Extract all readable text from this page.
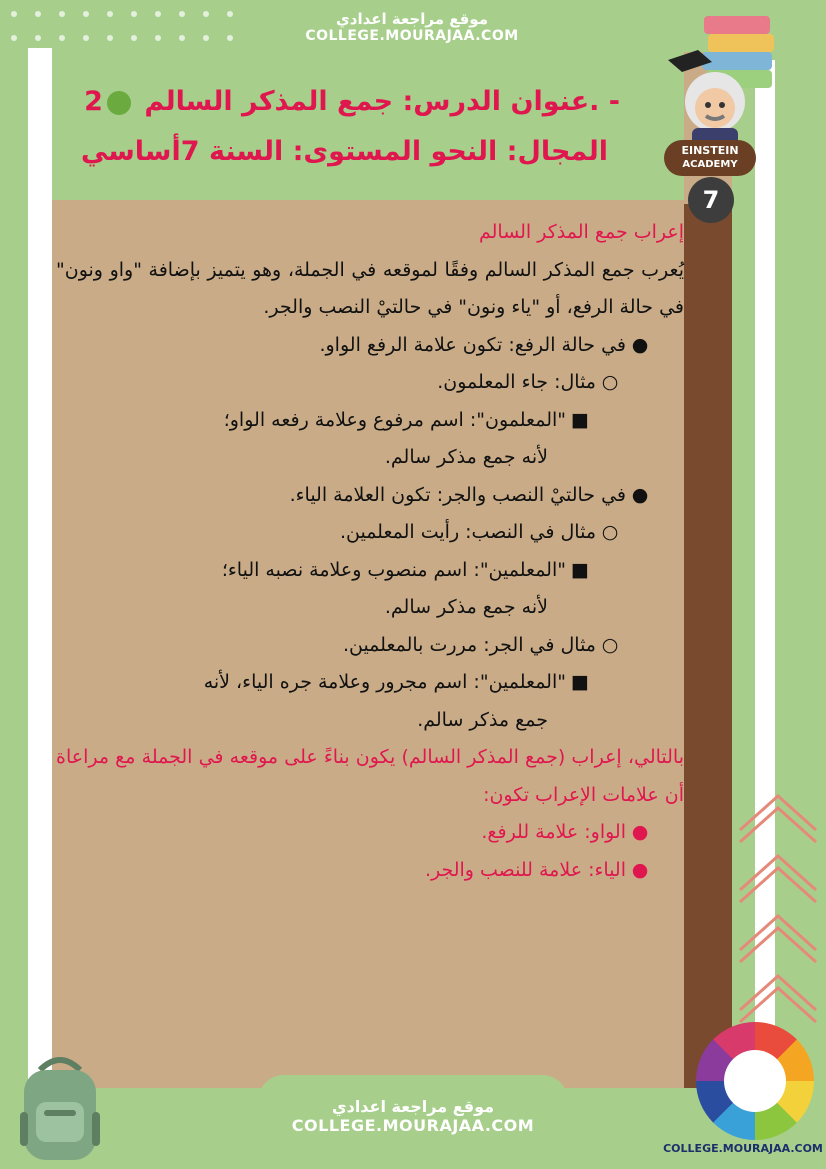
موقع مراجعة اعدادي
COLLEGE.MOURAJAA.COM
EINSTEIN
ACADEMY
- .عنوان الدرس: جمع المذكر السالم 2
المجال: النحو المستوى: السنة 7أساسي
7

إعراب جمع المذكر السالم

يُعرب جمع المذكر السالم وفقًا لموقعه في الجملة، وهو يتميز بإضافة "واو ونون" في حالة الرفع، أو "ياء ونون" في حالتيْ النصب والجر.

●في حالة الرفع: تكون علامة الرفع الواو.

○مثال: جاء المعلمون.

■"المعلمون": اسم مرفوع وعلامة رفعه الواو؛

لأنه جمع مذكر سالم.

●في حالتيْ النصب والجر: تكون العلامة الياء.

○مثال في النصب: رأيت المعلمين.

■"المعلمين": اسم منصوب وعلامة نصبه الياء؛

لأنه جمع مذكر سالم.

○مثال في الجر: مررت بالمعلمين.

■"المعلمين": اسم مجرور وعلامة جره الياء، لأنه

جمع مذكر سالم.

بالتالي، إعراب (جمع المذكر السالم) يكون بناءً على موقعه في الجملة مع مراعاة أن علامات الإعراب تكون:

●الواو: علامة للرفع.

●الياء: علامة للنصب والجر.

موقع مراجعة اعدادي
COLLEGE.MOURAJAA.COM
COLLEGE.MOURAJAA.COM
